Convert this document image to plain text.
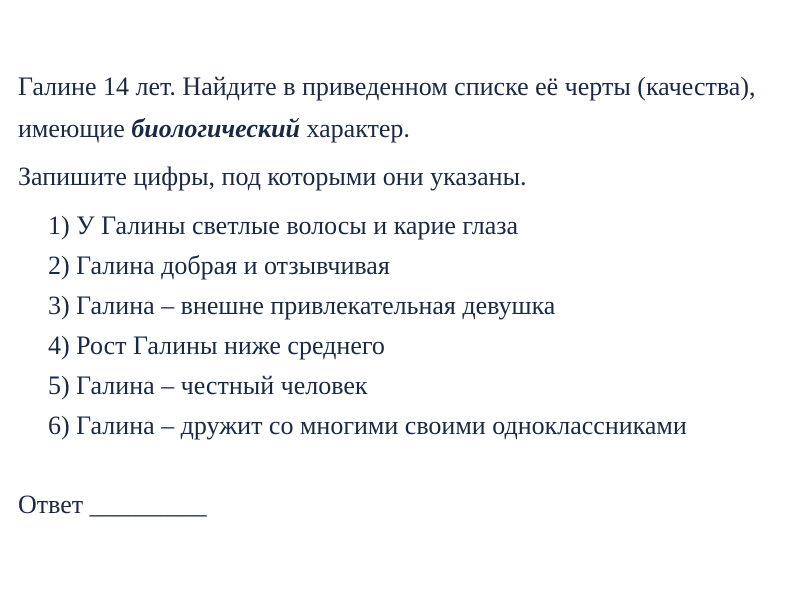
Галине 14 лет. Найдите в приведенном списке её черты (качества), имеющие биологический характер.

Запишите цифры, под которыми они указаны.

1) У Галины светлые волосы и карие глаза
2) Галина добрая и отзывчивая
3) Галина – внешне привлекательная девушка
4) Рост Галины ниже среднего
5) Галина – честный человек
6) Галина – дружит со многими своими одноклассниками

Ответ _________
